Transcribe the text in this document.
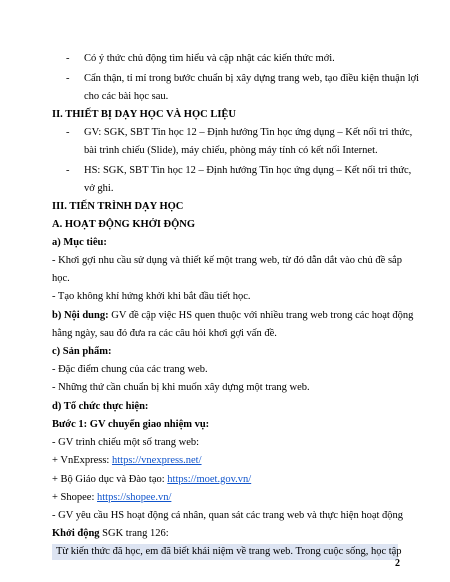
- Có ý thức chủ động tìm hiểu và cập nhật các kiến thức mới.
- Cẩn thận, tỉ mỉ trong bước chuẩn bị xây dựng trang web, tạo điều kiện thuận lợi
cho các bài học sau.
II. THIẾT BỊ DẠY HỌC VÀ HỌC LIỆU
- GV: SGK, SBT Tin học 12 – Định hướng Tin học ứng dụng – Kết nối tri thức,
bài trình chiếu (Slide), máy chiếu, phòng máy tính có kết nối Internet.
- HS: SGK, SBT Tin học 12 – Định hướng Tin học ứng dụng – Kết nối tri thức,
vở ghi.
III. TIẾN TRÌNH DẠY HỌC
A. HOẠT ĐỘNG KHỞI ĐỘNG
a) Mục tiêu:
- Khơi gợi nhu cầu sử dụng và thiết kế một trang web, từ đó dẫn dắt vào chủ đề sắp
học.
- Tạo không khí hứng khởi khi bắt đầu tiết học.
b) Nội dung: GV đề cập việc HS quen thuộc với nhiều trang web trong các hoạt động
hằng ngày, sau đó đưa ra các câu hỏi khơi gợi vấn đề.
c) Sản phẩm:
- Đặc điểm chung của các trang web.
- Những thứ cần chuẩn bị khi muốn xây dựng một trang web.
d) Tổ chức thực hiện:
Bước 1: GV chuyển giao nhiệm vụ:
- GV trình chiếu một số trang web:
+ VnExpress: https://vnexpress.net/
+ Bộ Giáo dục và Đào tạo: https://moet.gov.vn/
+ Shopee: https://shopee.vn/
- GV yêu cầu HS hoạt động cá nhân, quan sát các trang web và thực hiện hoạt động
Khởi động SGK trang 126:
Từ kiến thức đã học, em đã biết khái niệm về trang web. Trong cuộc sống, học tập
2
